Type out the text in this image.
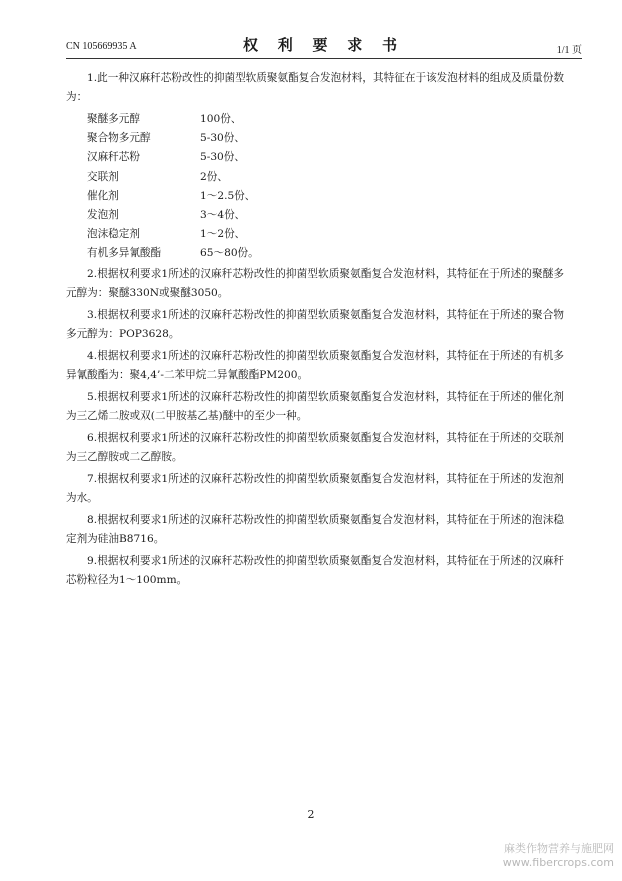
CN 105669935 A	权 利 要 求 书	1/1 页

1.此一种汉麻秆芯粉改性的抑菌型软质聚氨酯复合发泡材料，其特征在于该发泡材料的组成及质量份数为：

聚醚多元醇	100份、
聚合物多元醇	5-30份、
汉麻秆芯粉	5-30份、
交联剂	2份、
催化剂	1～2.5份、
发泡剂	3～4份、
泡沫稳定剂	1～2份、
有机多异氰酸酯	65～80份。

2.根据权利要求1所述的汉麻秆芯粉改性的抑菌型软质聚氨酯复合发泡材料，其特征在于所述的聚醚多元醇为：聚醚330N或聚醚3050。

3.根据权利要求1所述的汉麻秆芯粉改性的抑菌型软质聚氨酯复合发泡材料，其特征在于所述的聚合物多元醇为：POP3628。

4.根据权利要求1所述的汉麻秆芯粉改性的抑菌型软质聚氨酯复合发泡材料，其特征在于所述的有机多异氰酸酯为：聚4,4’-二苯甲烷二异氰酸酯PM200。

5.根据权利要求1所述的汉麻秆芯粉改性的抑菌型软质聚氨酯复合发泡材料，其特征在于所述的催化剂为三乙烯二胺或双(二甲胺基乙基)醚中的至少一种。

6.根据权利要求1所述的汉麻秆芯粉改性的抑菌型软质聚氨酯复合发泡材料，其特征在于所述的交联剂为三乙醇胺或二乙醇胺。

7.根据权利要求1所述的汉麻秆芯粉改性的抑菌型软质聚氨酯复合发泡材料，其特征在于所述的发泡剂为水。

8.根据权利要求1所述的汉麻秆芯粉改性的抑菌型软质聚氨酯复合发泡材料，其特征在于所述的泡沫稳定剂为硅油B8716。

9.根据权利要求1所述的汉麻秆芯粉改性的抑菌型软质聚氨酯复合发泡材料，其特征在于所述的汉麻秆芯粉粒径为1～100mm。

2
麻类作物营养与施肥网
www.fibercrops.com
